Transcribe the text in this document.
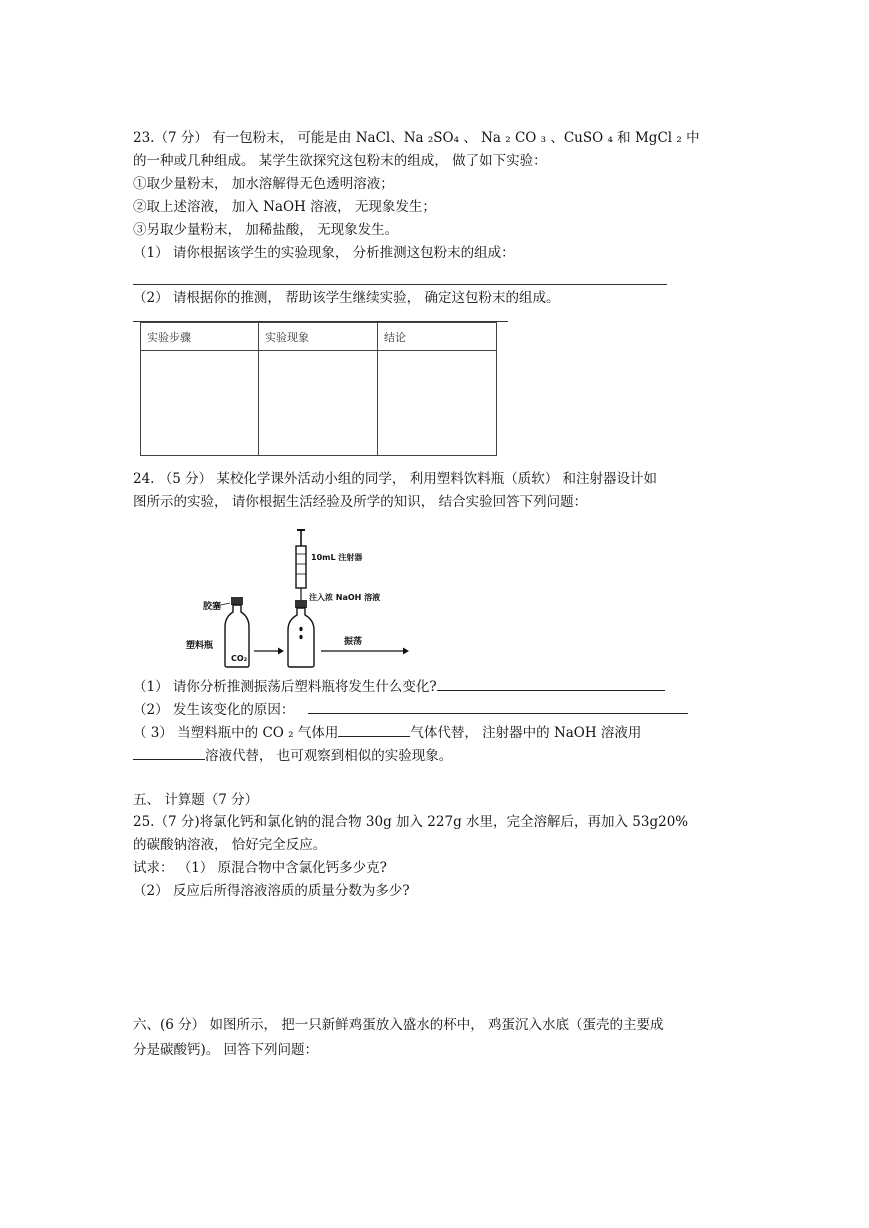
23.（7 分） 有一包粉末， 可能是由 NaCl、Na ₂SO₄ 、 Na ₂ CO ₃ 、CuSO ₄ 和 MgCl ₂ 中
的一种或几种组成。 某学生欲探究这包粉末的组成， 做了如下实验：
①取少量粉末， 加水溶解得无色透明溶液；
②取上述溶液， 加入 NaOH 溶液， 无现象发生；
③另取少量粉末， 加稀盐酸， 无现象发生。
（1） 请你根据该学生的实验现象， 分析推测这包粉末的组成：
（2） 请根据你的推测， 帮助该学生继续实验， 确定这包粉末的组成。
实验步骤	实验现象	结论

24. （5 分） 某校化学课外活动小组的同学， 利用塑料饮料瓶（质软） 和注射器设计如
图所示的实验， 请你根据生活经验及所学的知识， 结合实验回答下列问题：
CO₂
胶塞
塑料瓶
10mL 注射器
注入浓 NaOH 溶液
振荡
（1） 请你分析推测振荡后塑料瓶将发生什么变化?
（2） 发生该变化的原因：
（ 3） 当塑料瓶中的 CO ₂ 气体用	气体代替， 注射器中的 NaOH 溶液用
溶液代替， 也可观察到相似的实验现象。
五、 计算题（7 分）
25.（7 分)将氯化钙和氯化钠的混合物 30g 加入 227g 水里，完全溶解后，再加入 53g20%
的碳酸钠溶液， 恰好完全反应。
试求： （1） 原混合物中含氯化钙多少克?
（2） 反应后所得溶液溶质的质量分数为多少?
六、(6 分） 如图所示， 把一只新鲜鸡蛋放入盛水的杯中， 鸡蛋沉入水底（蛋壳的主要成
分是碳酸钙)。 回答下列问题：
